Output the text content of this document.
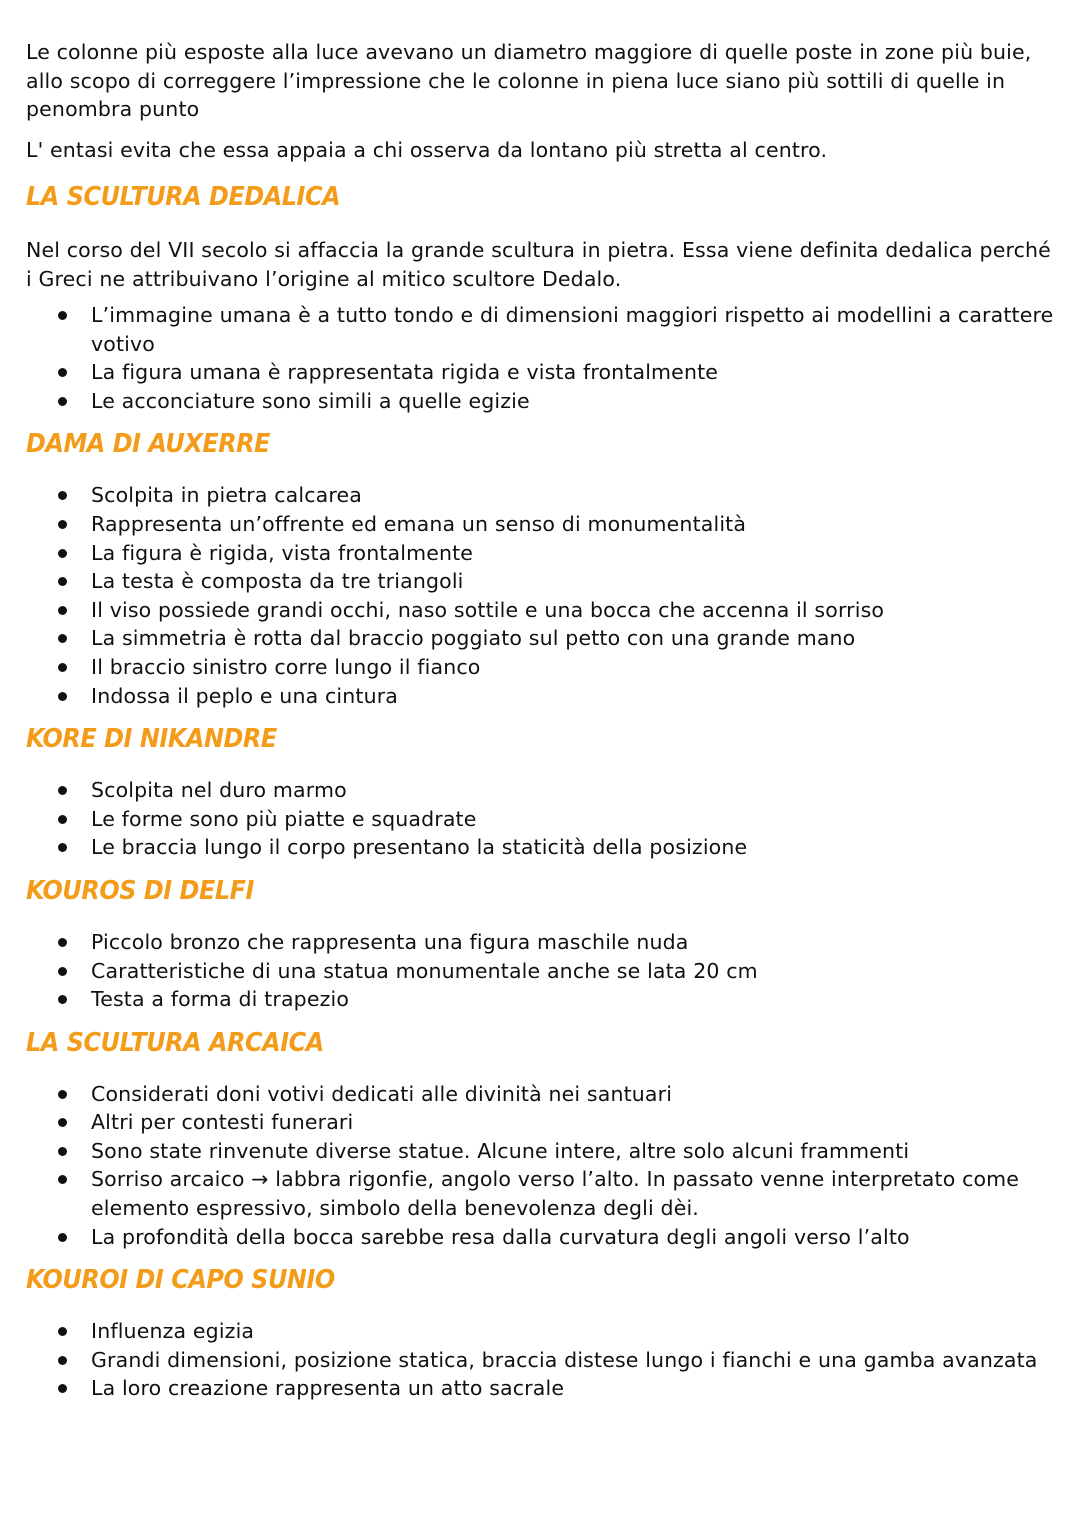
Le colonne più esposte alla luce avevano un diametro maggiore di quelle poste in zone più buie, allo scopo di correggere l’impressione che le colonne in piena luce siano più sottili di quelle in penombra punto

L' entasi evita che essa appaia a chi osserva da lontano più stretta al centro.

LA SCULTURA DEDALICA

Nel corso del VII secolo si affaccia la grande scultura in pietra. Essa viene definita dedalica perché i Greci ne attribuivano l’origine al mitico scultore Dedalo.

L’immagine umana è a tutto tondo e di dimensioni maggiori rispetto ai modellini a carattere votivo
La figura umana è rappresentata rigida e vista frontalmente
Le acconciature sono simili a quelle egizie
DAMA DI AUXERRE
Scolpita in pietra calcarea
Rappresenta un’offrente ed emana un senso di monumentalità
La figura è rigida, vista frontalmente
La testa è composta da tre triangoli
Il viso possiede grandi occhi, naso sottile e una bocca che accenna il sorriso
La simmetria è rotta dal braccio poggiato sul petto con una grande mano
Il braccio sinistro corre lungo il fianco
Indossa il peplo e una cintura
KORE DI NIKANDRE
Scolpita nel duro marmo
Le forme sono più piatte e squadrate
Le braccia lungo il corpo presentano la staticità della posizione
KOUROS DI DELFI
Piccolo bronzo che rappresenta una figura maschile nuda
Caratteristiche di una statua monumentale anche se lata 20 cm
Testa a forma di trapezio
LA SCULTURA ARCAICA
Considerati doni votivi dedicati alle divinità nei santuari
Altri per contesti funerari
Sono state rinvenute diverse statue. Alcune intere, altre solo alcuni frammenti
Sorriso arcaico → labbra rigonfie, angolo verso l’alto. In passato venne interpretato come elemento espressivo, simbolo della benevolenza degli dèi.
La profondità della bocca sarebbe resa dalla curvatura degli angoli verso l’alto
KOUROI DI CAPO SUNIO
Influenza egizia
Grandi dimensioni, posizione statica, braccia distese lungo i fianchi e una gamba avanzata
La loro creazione rappresenta un atto sacrale
